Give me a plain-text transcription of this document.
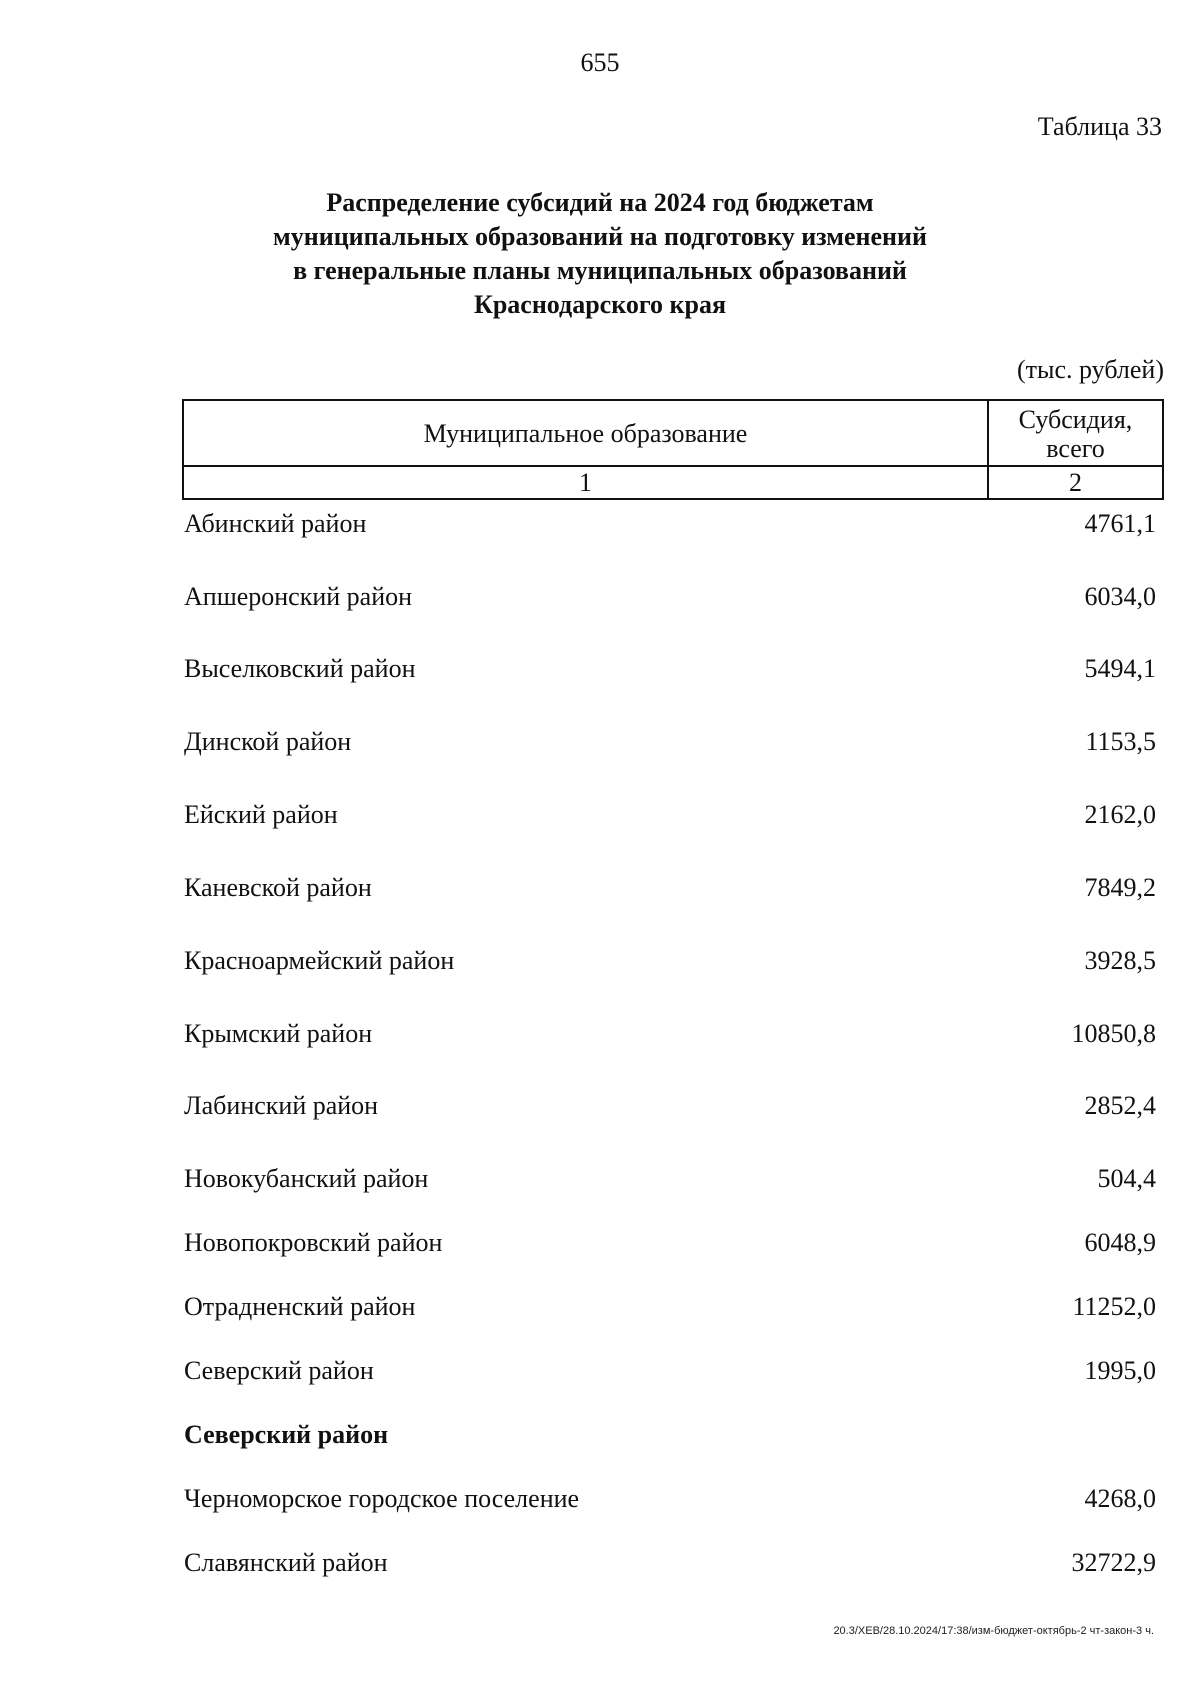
655
Таблица 33
Распределение субсидий на 2024 год бюджетам
муниципальных образований на подготовку изменений
в генеральные планы муниципальных образований
Краснодарского края
(тыс. рублей)
Муниципальное образование	Субсидия,
всего
1	2
Абинский район	4761,1
Апшеронский район	6034,0
Выселковский район	5494,1
Динской район	1153,5
Ейский район	2162,0
Каневской район	7849,2
Красноармейский район	3928,5
Крымский район	10850,8
Лабинский район	2852,4
Новокубанский район	504,4
Новопокровский район	6048,9
Отрадненский район	11252,0
Северский район	1995,0
Северский район
Черноморское городское поселение	4268,0
Славянский район	32722,9
20.3/ХЕВ/28.10.2024/17:38/изм-бюджет-октябрь-2 чт-закон-3 ч.
